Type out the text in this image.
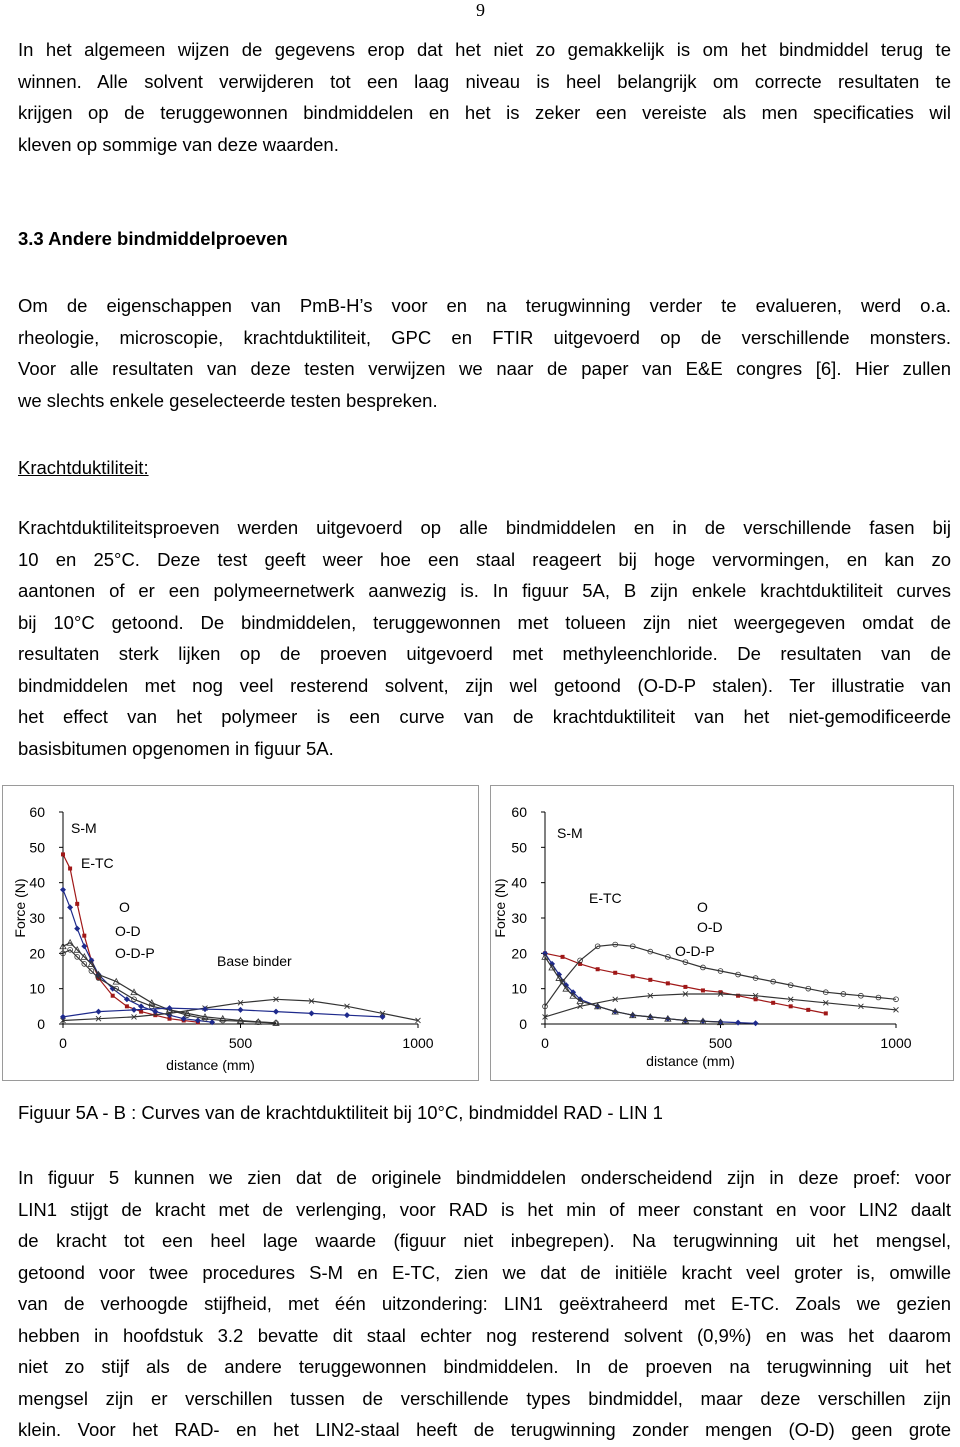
9
In het algemeen wijzen de gegevens erop dat het niet zo gemakkelijk is om het bindmiddel terug te
winnen. Alle solvent verwijderen tot een laag niveau is heel belangrijk om correcte resultaten te
krijgen op de teruggewonnen bindmiddelen en het is zeker een vereiste als men specificaties wil
kleven op sommige van deze waarden.
3.3 Andere bindmiddelproeven
Om de eigenschappen van PmB-H’s voor en na terugwinning verder te evalueren, werd o.a.
rheologie, microscopie, krachtduktiliteit, GPC en FTIR uitgevoerd op de verschillende monsters.
Voor alle resultaten van deze testen verwijzen we naar de paper van E&E congres [6]. Hier zullen
we slechts enkele geselecteerde testen bespreken.
Krachtduktiliteit:
Krachtduktiliteitsproeven werden uitgevoerd op alle bindmiddelen en in de verschillende fasen bij
10 en 25°C. Deze test geeft weer hoe een staal reageert bij hoge vervormingen, en kan zo
aantonen of er een polymeernetwerk aanwezig is. In figuur 5A, B zijn enkele krachtduktiliteit curves
bij 10°C getoond. De bindmiddelen, teruggewonnen met tolueen zijn niet weergegeven omdat de
resultaten sterk lijken op de proeven uitgevoerd met methyleenchloride. De resultaten van de
bindmiddelen met nog veel resterend solvent, zijn wel getoond (O-D-P stalen). Ter illustratie van
het effect van het polymeer is een curve van de krachtduktiliteit van het niet-gemodificeerde
basisbitumen opgenomen in figuur 5A.
0
10
20
30
40
50
60
0	500	1000
distance (mm)
Force (N)
S-M
E-TC
O
O-D
O-D-P	Base binder
0
10
20
30
40
50
60
0	500	1000
distance (mm)
Force (N)
S-M
E-TC
O
O-D
O-D-P
Figuur 5A - B : Curves van de krachtduktiliteit bij 10°C, bindmiddel RAD - LIN 1
In figuur 5 kunnen we zien dat de originele bindmiddelen onderscheidend zijn in deze proef: voor
LIN1 stijgt de kracht met de verlenging, voor RAD is het min of meer constant en voor LIN2 daalt
de kracht tot een heel lage waarde (figuur niet inbegrepen). Na terugwinning uit het mengsel,
getoond voor twee procedures S-M en E-TC, zien we dat de initiële kracht veel groter is, omwille
van de verhoogde stijfheid, met één uitzondering: LIN1 geëxtraheerd met E-TC. Zoals we gezien
hebben in hoofdstuk 3.2 bevatte dit staal echter nog resterend solvent (0,9%) en was het daarom
niet zo stijf als de andere teruggewonnen bindmiddelen. In de proeven na terugwinning uit het
mengsel zijn er verschillen tussen de verschillende types bindmiddel, maar deze verschillen zijn
klein. Voor het RAD- en het LIN2-staal heeft de terugwinning zonder mengen (O-D) geen grote
